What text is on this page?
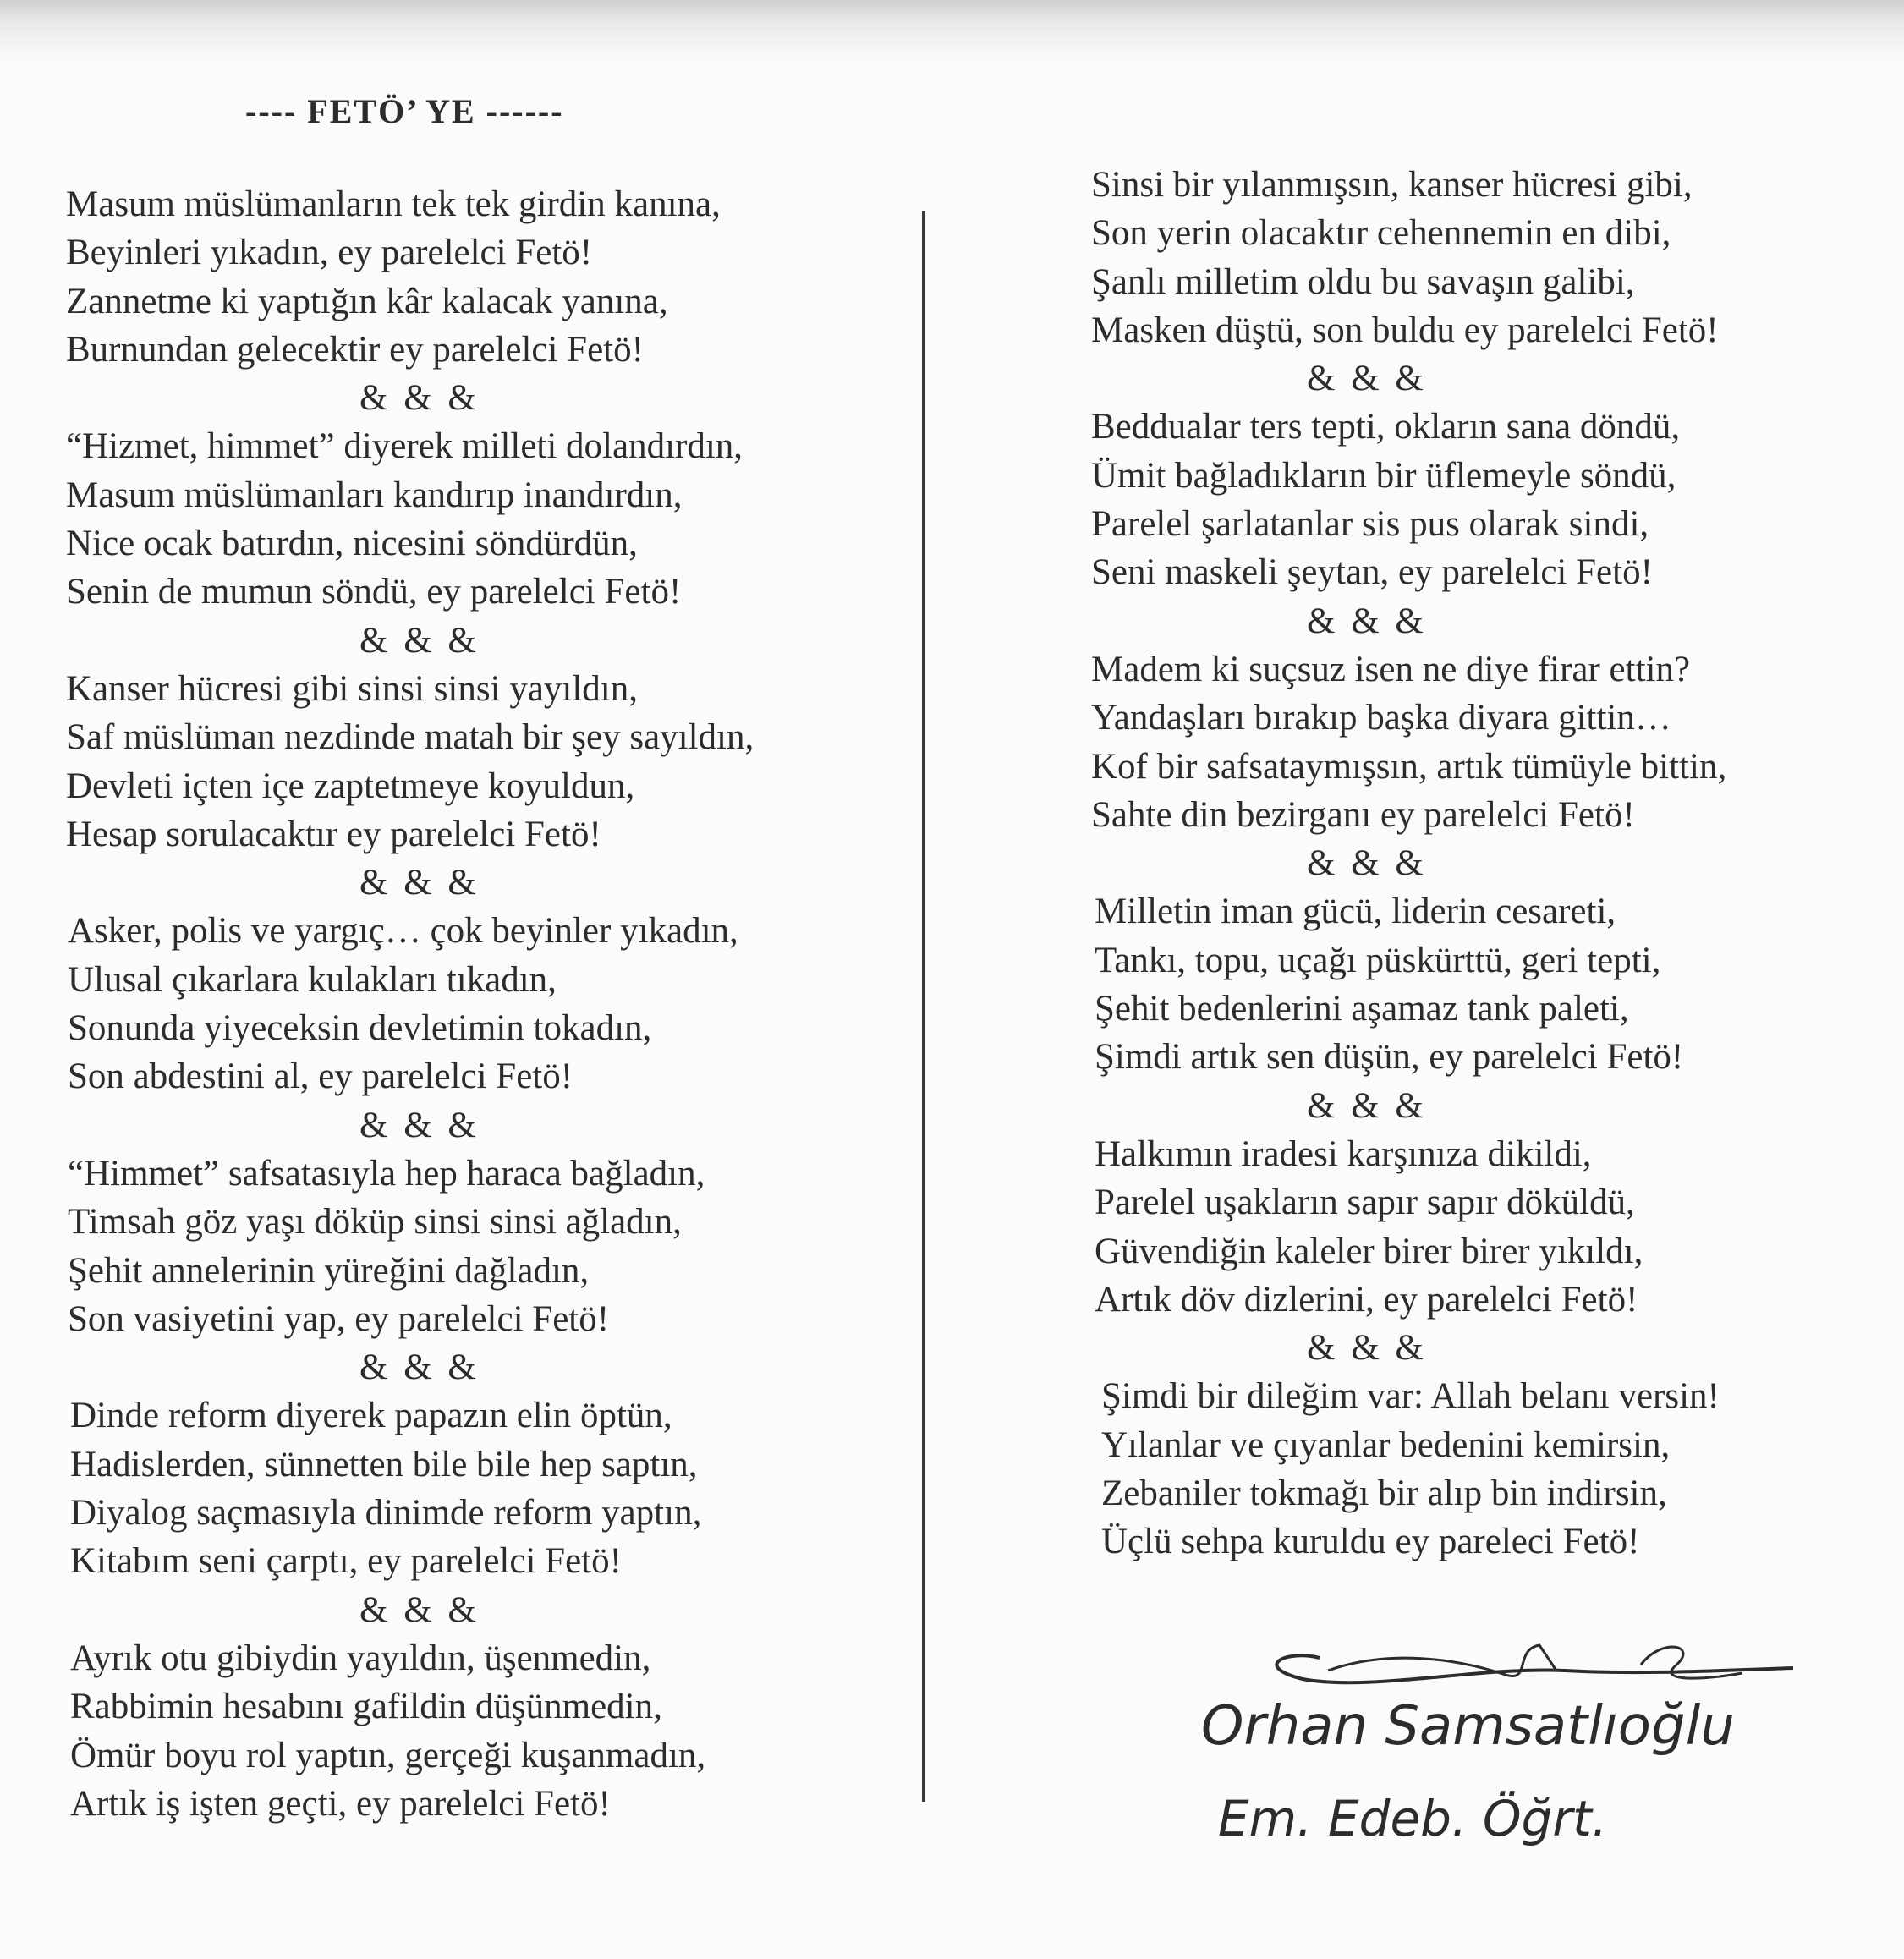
---- FETÖ’ YE ------
Masum müslümanların tek tek girdin kanına,
Beyinleri yıkadın, ey parelelci Fetö!
Zannetme ki yaptığın kâr kalacak yanına,
Burnundan gelecektir ey parelelci Fetö!
& & &
“Hizmet, himmet” diyerek milleti dolandırdın,
Masum müslümanları kandırıp inandırdın,
Nice ocak batırdın, nicesini söndürdün,
Senin de mumun söndü, ey parelelci Fetö!
& & &
Kanser hücresi gibi sinsi sinsi yayıldın,
Saf müslüman nezdinde matah bir şey sayıldın,
Devleti içten içe zaptetmeye koyuldun,
Hesap sorulacaktır ey parelelci Fetö!
& & &
Asker, polis ve yargıç… çok beyinler yıkadın,
Ulusal çıkarlara kulakları tıkadın,
Sonunda yiyeceksin devletimin tokadın,
Son abdestini al, ey parelelci Fetö!
& & &
“Himmet” safsatasıyla hep haraca bağladın,
Timsah göz yaşı döküp sinsi sinsi ağladın,
Şehit annelerinin yüreğini dağladın,
Son vasiyetini yap, ey parelelci Fetö!
& & &
Dinde reform diyerek papazın elin öptün,
Hadislerden, sünnetten bile bile hep saptın,
Diyalog saçmasıyla dinimde reform yaptın,
Kitabım seni çarptı, ey parelelci Fetö!
& & &
Ayrık otu gibiydin yayıldın, üşenmedin,
Rabbimin hesabını gafildin düşünmedin,
Ömür boyu rol yaptın, gerçeği kuşanmadın,
Artık iş işten geçti, ey parelelci Fetö!
Sinsi bir yılanmışsın, kanser hücresi gibi,
Son yerin olacaktır cehennemin en dibi,
Şanlı milletim oldu bu savaşın galibi,
Masken düştü, son buldu ey parelelci Fetö!
& & &
Beddualar ters tepti, okların sana döndü,
Ümit bağladıkların bir üflemeyle söndü,
Parelel şarlatanlar sis pus olarak sindi,
Seni maskeli şeytan, ey parelelci Fetö!
& & &
Madem ki suçsuz isen ne diye firar ettin?
Yandaşları bırakıp başka diyara gittin…
Kof bir safsataymışsın, artık tümüyle bittin,
Sahte din bezirganı ey parelelci Fetö!
& & &
Milletin iman gücü, liderin cesareti,
Tankı, topu, uçağı püskürttü, geri tepti,
Şehit bedenlerini aşamaz tank paleti,
Şimdi artık sen düşün, ey parelelci Fetö!
& & &
Halkımın iradesi karşınıza dikildi,
Parelel uşakların sapır sapır döküldü,
Güvendiğin kaleler birer birer yıkıldı,
Artık döv dizlerini, ey parelelci Fetö!
& & &
Şimdi bir dileğim var: Allah belanı versin!
Yılanlar ve çıyanlar bedenini kemirsin,
Zebaniler tokmağı bir alıp bin indirsin,
Üçlü sehpa kuruldu ey pareleci Fetö!
Orhan Samsatlıoğlu
Em. Edeb. Öğrt.
